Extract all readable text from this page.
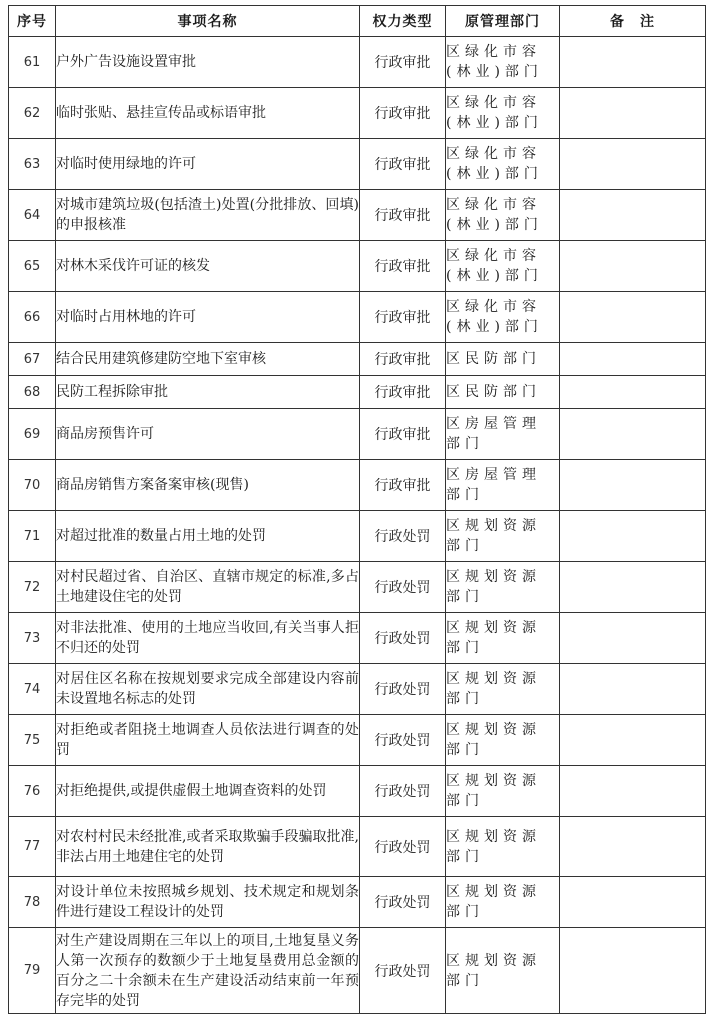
序号	事项名称	权力类型	原管理部门	备　注
61	户外广告设施设置审批	行政审批	区绿化市容(林业)部门	
62	临时张贴、悬挂宣传品或标语审批	行政审批	区绿化市容(林业)部门	
63	对临时使用绿地的许可	行政审批	区绿化市容(林业)部门	
64	对城市建筑垃圾(包括渣土)处置(分批排放、回填)的申报核准	行政审批	区绿化市容(林业)部门	
65	对林木采伐许可证的核发	行政审批	区绿化市容(林业)部门	
66	对临时占用林地的许可	行政审批	区绿化市容(林业)部门	
67	结合民用建筑修建防空地下室审核	行政审批	区民防部门	
68	民防工程拆除审批	行政审批	区民防部门	
69	商品房预售许可	行政审批	区房屋管理部门	
70	商品房销售方案备案审核(现售)	行政审批	区房屋管理部门	
71	对超过批准的数量占用土地的处罚	行政处罚	区规划资源部门	
72	对村民超过省、自治区、直辖市规定的标准,多占土地建设住宅的处罚	行政处罚	区规划资源部门	
73	对非法批准、使用的土地应当收回,有关当事人拒不归还的处罚	行政处罚	区规划资源部门	
74	对居住区名称在按规划要求完成全部建设内容前未设置地名标志的处罚	行政处罚	区规划资源部门	
75	对拒绝或者阻挠土地调查人员依法进行调查的处罚	行政处罚	区规划资源部门	
76	对拒绝提供,或提供虚假土地调查资料的处罚	行政处罚	区规划资源部门	
77	对农村村民未经批准,或者采取欺骗手段骗取批准,非法占用土地建住宅的处罚	行政处罚	区规划资源部门	
78	对设计单位未按照城乡规划、技术规定和规划条件进行建设工程设计的处罚	行政处罚	区规划资源部门	
79	对生产建设周期在三年以上的项目,土地复垦义务人第一次预存的数额少于土地复垦费用总金额的百分之二十余额未在生产建设活动结束前一年预存完毕的处罚	行政处罚	区规划资源部门	
